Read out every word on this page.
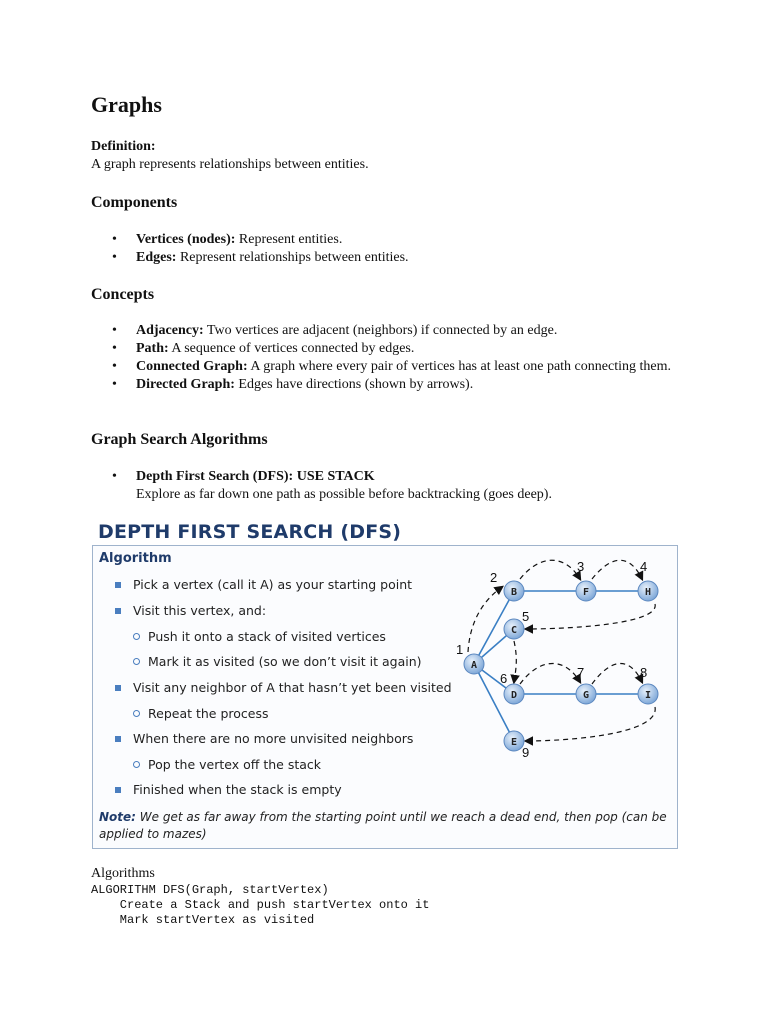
Graphs
Definition:
A graph represents relationships between entities.
Components
• Vertices (nodes): Represent entities.
• Edges: Represent relationships between entities.
Concepts
• Adjacency: Two vertices are adjacent (neighbors) if connected by an edge.
• Path: A sequence of vertices connected by edges.
• Connected Graph: A graph where every pair of vertices has at least one path connecting them.
• Directed Graph: Edges have directions (shown by arrows).
Graph Search Algorithms
• Depth First Search (DFS): USE STACK
Explore as far down one path as possible before backtracking (goes deep).
DEPTH FIRST SEARCH (DFS)
Algorithm
Pick a vertex (call it A) as your starting point
Visit this vertex, and:
Push it onto a stack of visited vertices
Mark it as visited (so we don’t visit it again)
Visit any neighbor of A that hasn’t yet been visited
Repeat the process
When there are no more unvisited neighbors
Pop the vertex off the stack
Finished when the stack is empty
Note: We get as far away from the starting point until we reach a dead end, then pop (can be applied to mazes)
A
B
C
D
E
F
G
H
I
1
2
3	4
5
6	7	8
9
Algorithms
ALGORITHM DFS(Graph, startVertex)
Create a Stack and push startVertex onto it
Mark startVertex as visited
